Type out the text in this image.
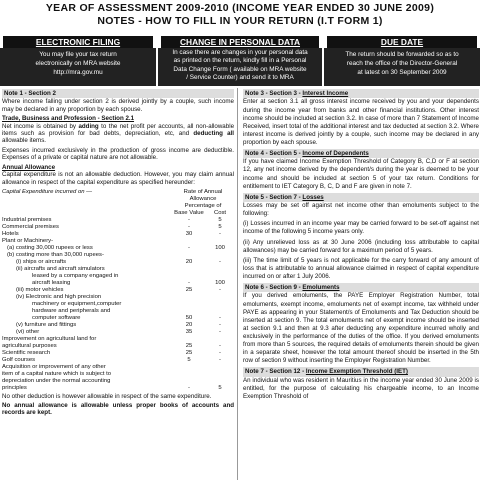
YEAR OF ASSESSMENT 2009-2010 (INCOME YEAR ENDED 30 JUNE 2009)
NOTES - HOW TO FILL IN YOUR RETURN (I.T FORM 1)
ELECTRONIC FILING
You may file your tax return
electronically on MRA website
http://mra.gov.mu
CHANGE IN PERSONAL DATA
In case there are changes in your personal data
as printed on the return, kindly fill in a Personal
Data Change Form ( available on MRA website
/ Service Counter) and send it to MRA
DUE DATE
The return should be forwarded so as to
reach the office of the Director-General
at latest on 30 September 2009
Note 1 - Section 2

Where income falling under section 2 is derived jointly by a couple, such income may be declared in any proportion by each spouse.

Trade, Business and Profession - Section 2.1

Net income is obtained by adding to the net profit per accounts, all non-allowable items such as provision for bad debts, depreciation, etc, and deducting all allowable items.

Expenses incurred exclusively in the production of gross income are deductible. Expenses of a private or capital nature are not allowable.

Annual Allowance

Capital expenditure is not an allowable deduction. However, you may claim annual allowance in respect of the capital expenditure as specified hereunder:

Capital Expenditure incurred on —	Rate of Annual Allowance
Percentage of	

	Base Value	Cost
Industrial premises	-	5
Commercial premises	-	5
Hotels	30	-
Plant or Machinery-		
(a) costing 30,000 rupees or less	-	100
(b) costing more than 30,000 rupees-		
(i) ships or aircrafts	20	-
(ii) aircrafts and aircraft simulators		
leased by a company engaged in		
aircraft leasing	-	100
(iii) motor vehicles	25	-
(iv) Electronic and high precision		
machinery or equipment,computer		
hardware and peripherals and		
computer software	50	-
(v) furniture and fittings	20	-
(vi) other	35	-
Improvement on agricultural land for		
agricultural purposes	25	-
Scientific research	25	-
Golf courses	5	-
Acquisition or improvement of any other		
item of a capital nature which is subject to		
depreciation under the normal accounting		
principles	-	5

No other deduction is however allowable in respect of the same expenditure.

No annual allowance is allowable unless proper books of accounts and records are kept.

Note 3 - Section 3 - Interest Income

Enter at section 3.1 all gross interest income received by you and your dependents during the income year from banks and other financial institutions. Other interest income should be included at section 3.2. In case of more than 7 Statement of Income Received, insert total of the additional interest and tax deducted at section 3.2. Where interest income is derived jointly by a couple, such income may be declared in any proportion by each spouse.

Note 4 - Section 5 - Income of Dependents

If you have claimed Income Exemption Threshold of Category B, C,D or F at section 12, any net income derived by the dependent/s during the year is deemed to be your income and should be included at section 5 of your tax return. Conditions for entitlement to IET Category B, C, D and F are given in note 7.

Note 5 - Section 7 - Losses

Losses may be set off against net income other than emoluments subject to the following:

(i) Losses incurred in an income year may be carried forward to be set-off against net income of the following 5 income years only.

(ii) Any unrelieved loss as at 30 June 2006 (including loss attributable to capital allowances) may be carried forward for a maximum period of 5 years.

(iii) The time limit of 5 years is not applicable for the carry forward of any amount of loss that is attributable to annual allowance claimed in respect of capital expenditure incurred on or after 1 July 2006.

Note 6 - Section 9 - Emoluments

If you derived emoluments, the PAYE Employer Registration Number, total emoluments, exempt income, emoluments net of exempt income, tax withheld under PAYE as appearing in your Statement/s of Emoluments and Tax Deduction should be inserted at section 9. The total emoluments net of exempt income should be inserted at section 9.1 and then at 9.3 after deducting any expenditure incurred wholly and exclusively in the performance of the duties of the office. If you derived emoluments from more than 5 sources, the required details of emoluments therein should be given in a separate sheet, however the total amount thereof should be inserted in the 5th row of section 9 without inserting the Employer Registration Number.

Note 7 - Section 12 - Income Exemption Threshold (IET)

An individual who was resident in Mauritius in the income year ended 30 June 2009 is entitled, for the purpose of calculating his chargeable income, to an Income Exemption Threshold of
